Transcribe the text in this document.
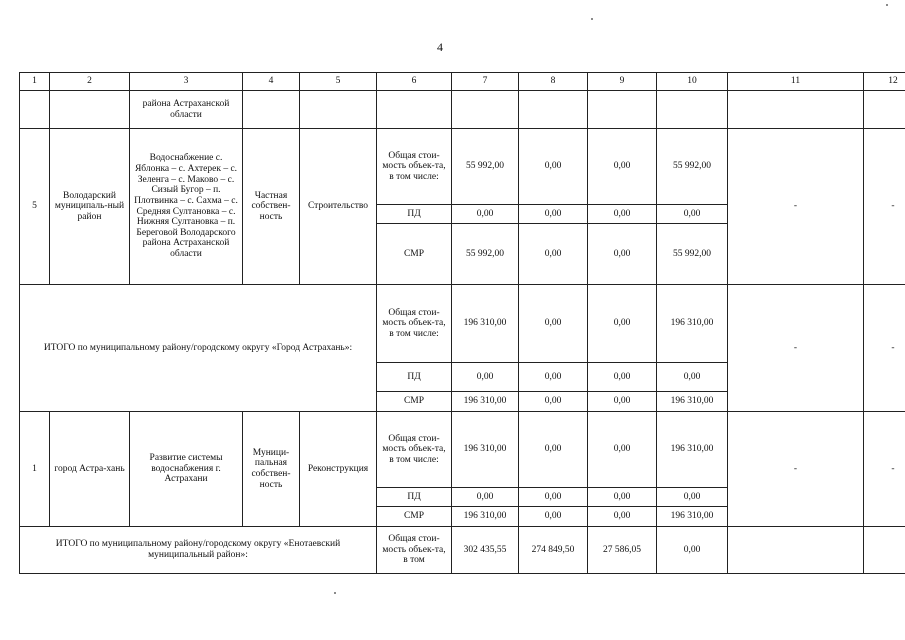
4
1	2	3	4	5	6	7	8	9	10	11	12
		района Астраханской области									
5	Володарский муниципаль-ный район	Водоснабжение с. Яблонка – с. Ахтерек – с. Зеленга – с. Маково – с. Сизый Бугор – п. Плотвинка – с. Сахма – с. Средняя Султановка – с. Нижняя Султановка – п. Береговой Володарского района Астраханской области	Частная собствен-ность	Строительство	Общая стои-мость объек-та, в том числе:	55 992,00	0,00	0,00	55 992,00	-	-
					ПД	0,00	0,00	0,00	0,00		
					СМР	55 992,00	0,00	0,00	55 992,00		
ИТОГО по муниципальному району/городскому округу «Город Астрахань»:					Общая стои-мость объек-та, в том числе:	196 310,00	0,00	0,00	196 310,00	-	-
					ПД	0,00	0,00	0,00	0,00		
					СМР	196 310,00	0,00	0,00	196 310,00		
1	город Астра-хань	Развитие системы водоснабжения г. Астрахани	Муници-пальная собствен-ность	Реконструкция	Общая стои-мость объек-та, в том числе:	196 310,00	0,00	0,00	196 310,00	-	-
					ПД	0,00	0,00	0,00	0,00		
					СМР	196 310,00	0,00	0,00	196 310,00		
ИТОГО по муниципальному району/городскому округу «Енотаевский муниципальный район»:					Общая стои-мость объек-та, в том	302 435,55	274 849,50	27 586,05	0,00		
